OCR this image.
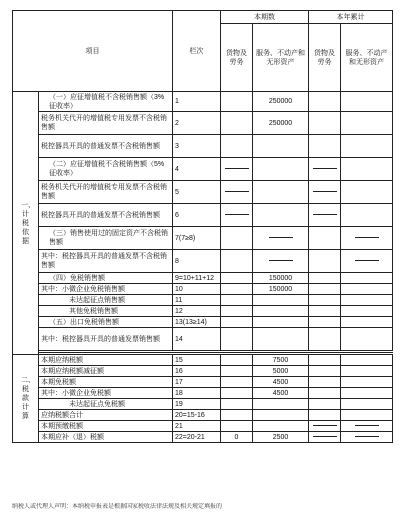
项目		栏次	本期数		本年累计	
			货物及劳务	服务、不动产和无形资产	货物及劳务	服务、不动产和无形资产

一、计税依据	（一）应征增值税不含税销售额（3%征收率）	1		250000		
	税务机关代开的增值税专用发票不含税销售额	2		250000		
	税控器具开具的普通发票不含税销售额	3				
	（二）应征增值税不含税销售额（5%征收率）	4				
	税务机关代开的增值税专用发票不含税销售额	5				
	税控器具开具的普通发票不含税销售额	6				
	（三）销售使用过的固定资产不含税销售额	7(7≥8)				
	其中：税控器具开具的普通发票不含税销售额	8				
	（四）免税销售额	9=10+11+12		150000		
	其中：小微企业免税销售额	10		150000		
	未达起征点销售额	11				
	其他免税销售额	12				
	（五）出口免税销售额	13(13≥14)				
	其中：税控器具开具的普通发票销售额	14				

二、税款计算	本期应纳税额	15		7500		
	本期应纳税额减征额	16		5000		
	本期免税额	17		4500		
	其中：小微企业免税额	18		4500		
	未达起征点免税额	19				
	应纳税额合计	20=15-16				
	本期预缴税额	21				
	本期应补（退）税额	22=20-21	0	2500		
纳税人或代理人声明：本纳税申报表是根据国家税收法律法规及相关规定填报的
